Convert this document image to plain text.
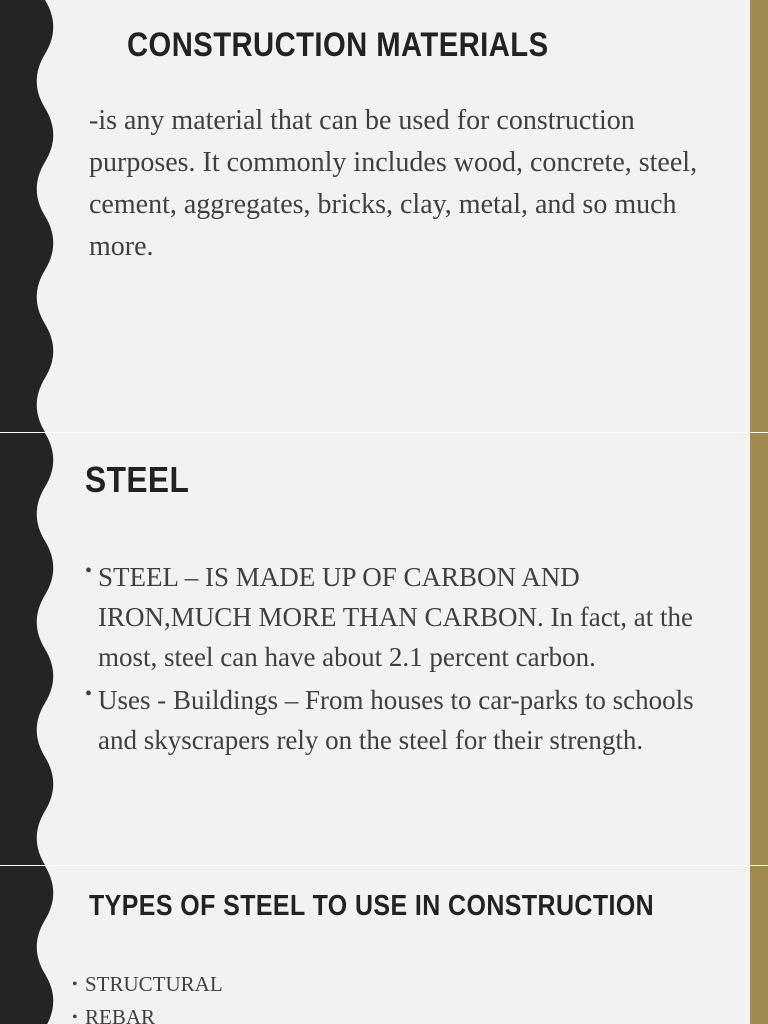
CONSTRUCTION MATERIALS

-is any material that can be used for construction purposes. It commonly includes wood, concrete, steel, cement, aggregates, bricks, clay, metal, and so much more.

STEEL
• STEEL – IS MADE UP OF CARBON AND IRON,MUCH MORE THAN CARBON. In fact, at the most, steel can have about 2.1 percent carbon.
• Uses - Buildings – From houses to car-parks to schools and skyscrapers rely on the steel for their strength.
TYPES OF STEEL TO USE IN CONSTRUCTION
• STRUCTURAL
• REBAR
